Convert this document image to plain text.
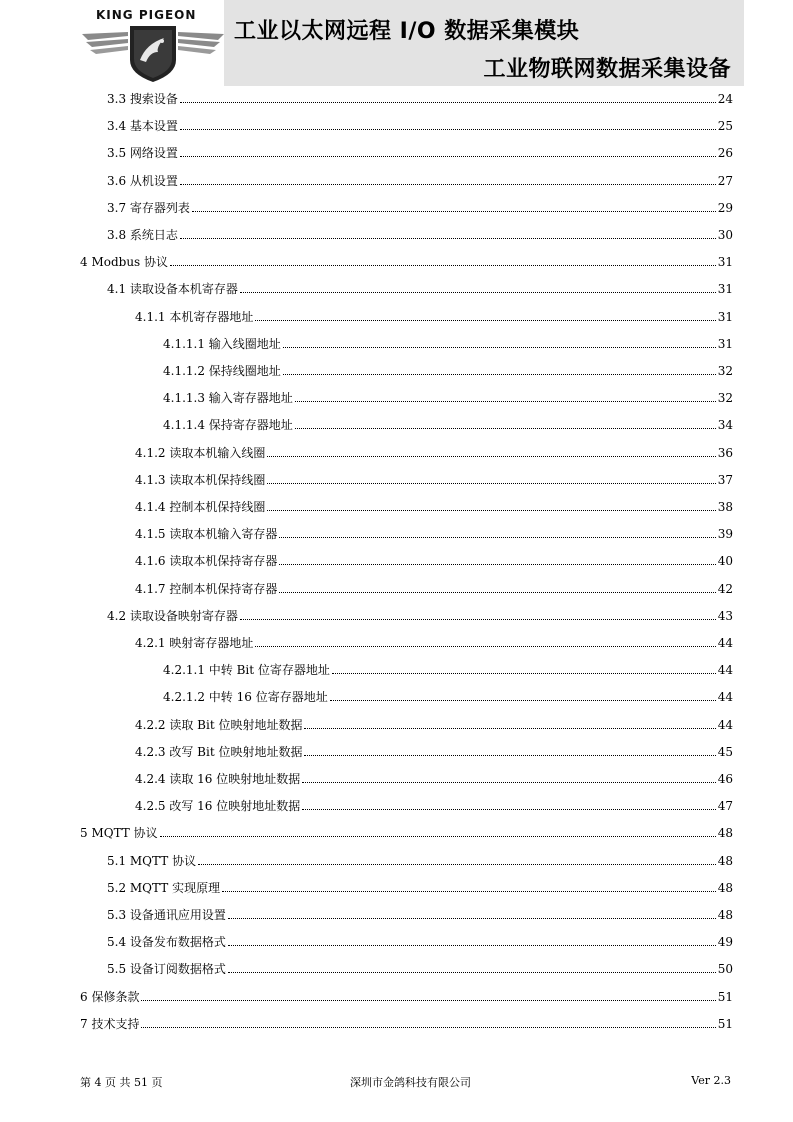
KING PIGEON
工业以太网远程 I/O 数据采集模块
工业物联网数据采集设备
3.3 搜索设备	24
3.4 基本设置	25
3.5 网络设置	26
3.6 从机设置	27
3.7 寄存器列表	29
3.8 系统日志	30
4 Modbus 协议	31
4.1 读取设备本机寄存器	31
4.1.1 本机寄存器地址	31
4.1.1.1 输入线圈地址	31
4.1.1.2 保持线圈地址	32
4.1.1.3 输入寄存器地址	32
4.1.1.4 保持寄存器地址	34
4.1.2 读取本机输入线圈	36
4.1.3 读取本机保持线圈	37
4.1.4 控制本机保持线圈	38
4.1.5 读取本机输入寄存器	39
4.1.6 读取本机保持寄存器	40
4.1.7 控制本机保持寄存器	42
4.2 读取设备映射寄存器	43
4.2.1 映射寄存器地址	44
4.2.1.1 中转 Bit 位寄存器地址	44
4.2.1.2 中转 16 位寄存器地址	44
4.2.2 读取 Bit 位映射地址数据	44
4.2.3 改写 Bit 位映射地址数据	45
4.2.4 读取 16 位映射地址数据	46
4.2.5 改写 16 位映射地址数据	47
5 MQTT 协议	48
5.1 MQTT 协议	48
5.2 MQTT 实现原理	48
5.3 设备通讯应用设置	48
5.4 设备发布数据格式	49
5.5 设备订阅数据格式	50
6 保修条款	51
7 技术支持	51
第 4 页 共 51 页	深圳市金鸽科技有限公司	Ver 2.3
